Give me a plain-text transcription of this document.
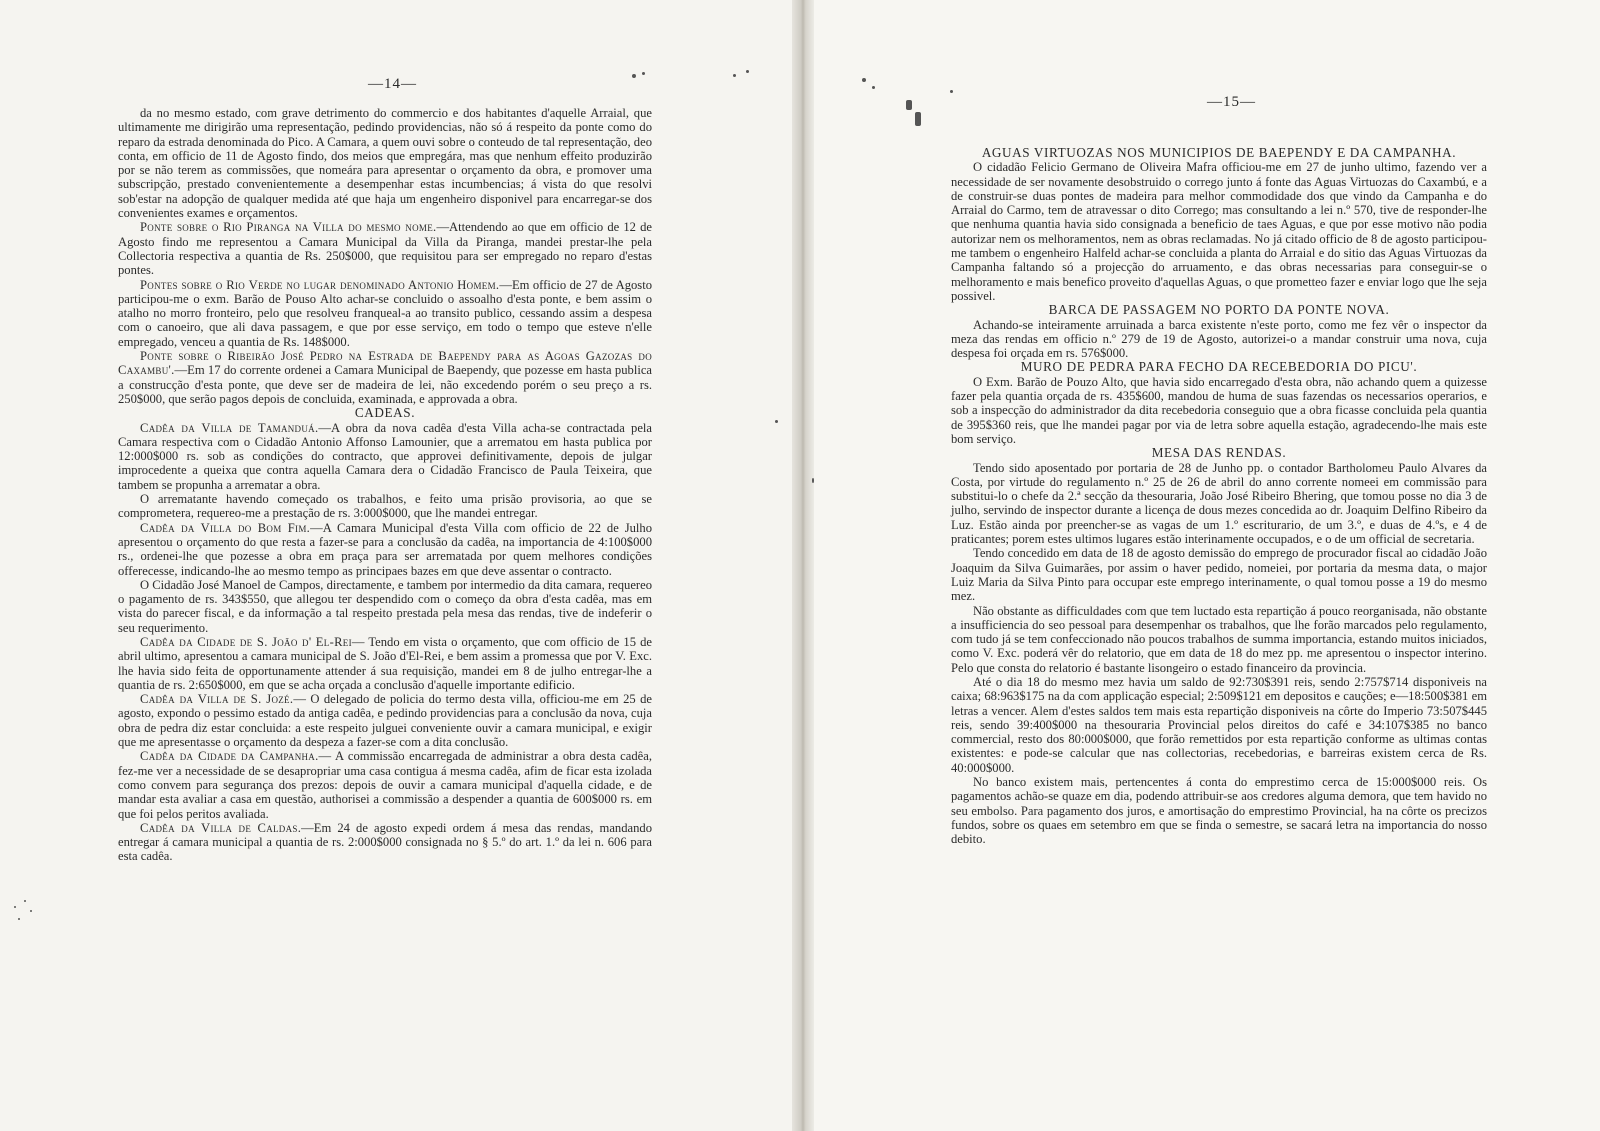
—14—

da no mesmo estado, com grave detrimento do commercio e dos habitantes d'aquelle Arraial, que ultimamente me dirigirão uma representação, pedindo providencias, não só á respeito da ponte como do reparo da estrada denominada do Pico. A Camara, a quem ouvi sobre o conteudo de tal representação, deo conta, em officio de 11 de Agosto findo, dos meios que empregára, mas que nenhum effeito produzirão por se não terem as commissões, que nomeára para apresentar o orçamento da obra, e promover uma subscripção, prestado convenientemente a desempenhar estas incumbencias; á vista do que resolvi sob'estar na adopção de qualquer medida até que haja um engenheiro disponivel para encarregar-se dos convenientes exames e orçamentos.

Ponte sobre o Rio Piranga na Villa do mesmo nome.—Attendendo ao que em officio de 12 de Agosto findo me representou a Camara Municipal da Villa da Piranga, mandei prestar-lhe pela Collectoria respectiva a quantia de Rs. 250$000, que requisitou para ser empregado no reparo d'estas pontes.

Pontes sobre o Rio Verde no lugar denominado Antonio Homem.—Em officio de 27 de Agosto participou-me o exm. Barão de Pouso Alto achar-se concluido o assoalho d'esta ponte, e bem assim o atalho no morro fronteiro, pelo que resolveu franqueal-a ao transito publico, cessando assim a despesa com o canoeiro, que ali dava passagem, e que por esse serviço, em todo o tempo que esteve n'elle empregado, venceu a quantia de Rs. 148$000.

Ponte sobre o Ribeirão José Pedro na Estrada de Baependy para as Agoas Gazozas do Caxambu'.—Em 17 do corrente ordenei a Camara Municipal de Baependy, que pozesse em hasta publica a construcção d'esta ponte, que deve ser de madeira de lei, não excedendo porém o seu preço a rs. 250$000, que serão pagos depois de concluida, examinada, e approvada a obra.

CADEAS.

Cadêa da Villa de Tamanduá.—A obra da nova cadêa d'esta Villa acha-se contractada pela Camara respectiva com o Cidadão Antonio Affonso Lamounier, que a arrematou em hasta publica por 12:000$000 rs. sob as condições do contracto, que approvei definitivamente, depois de julgar improcedente a queixa que contra aquella Camara dera o Cidadão Francisco de Paula Teixeira, que tambem se propunha a arrematar a obra.

O arrematante havendo começado os trabalhos, e feito uma prisão provisoria, ao que se comprometera, requereo-me a prestação de rs. 3:000$000, que lhe mandei entregar.

Cadêa da Villa do Bom Fim.—A Camara Municipal d'esta Villa com officio de 22 de Julho apresentou o orçamento do que resta a fazer-se para a conclusão da cadêa, na importancia de 4:100$000 rs., ordenei-lhe que pozesse a obra em praça para ser arrematada por quem melhores condições offerecesse, indicando-lhe ao mesmo tempo as principaes bazes em que deve assentar o contracto.

O Cidadão José Manoel de Campos, directamente, e tambem por intermedio da dita camara, requereo o pagamento de rs. 343$550, que allegou ter despendido com o começo da obra d'esta cadêa, mas em vista do parecer fiscal, e da informação a tal respeito prestada pela mesa das rendas, tive de indeferir o seu requerimento.

Cadêa da Cidade de S. João d' El-Rei— Tendo em vista o orçamento, que com officio de 15 de abril ultimo, apresentou a camara municipal de S. João d'El-Rei, e bem assim a promessa que por V. Exc. lhe havia sido feita de opportunamente attender á sua requisição, mandei em 8 de julho entregar-lhe a quantia de rs. 2:650$000, em que se acha orçada a conclusão d'aquelle importante edificio.

Cadêa da Villa de S. Jozé.— O delegado de policia do termo desta villa, officiou-me em 25 de agosto, expondo o pessimo estado da antiga cadêa, e pedindo providencias para a conclusão da nova, cuja obra de pedra diz estar concluida: a este respeito julguei conveniente ouvir a camara municipal, e exigir que me apresentasse o orçamento da despeza a fazer-se com a dita conclusão.

Cadêa da Cidade da Campanha.— A commissão encarregada de administrar a obra desta cadêa, fez-me ver a necessidade de se desapropriar uma casa contigua á mesma cadêa, afim de ficar esta izolada como convem para segurança dos prezos: depois de ouvir a camara municipal d'aquella cidade, e de mandar esta avaliar a casa em questão, authorisei a commissão a despender a quantia de 600$000 rs. em que foi pelos peritos avaliada.

Cadêa da Villa de Caldas.—Em 24 de agosto expedi ordem á mesa das rendas, mandando entregar á camara municipal a quantia de rs. 2:000$000 consignada no § 5.º do art. 1.º da lei n. 606 para esta cadêa.

—15—
AGUAS VIRTUOZAS NOS MUNICIPIOS DE BAEPENDY E DA CAMPANHA.

O cidadão Felicio Germano de Oliveira Mafra officiou-me em 27 de junho ultimo, fazendo ver a necessidade de ser novamente desobstruido o corrego junto á fonte das Aguas Virtuozas do Caxambú, e a de construir-se duas pontes de madeira para melhor commodidade dos que vindo da Campanha e do Arraial do Carmo, tem de atravessar o dito Corrego; mas consultando a lei n.º 570, tive de responder-lhe que nenhuma quantia havia sido consignada a beneficio de taes Aguas, e que por esse motivo não podia autorizar nem os melhoramentos, nem as obras reclamadas. No já citado officio de 8 de agosto participou-me tambem o engenheiro Halfeld achar-se concluida a planta do Arraial e do sitio das Aguas Virtuozas da Campanha faltando só a projecção do arruamento, e das obras necessarias para conseguir-se o melhoramento e mais benefico proveito d'aquellas Aguas, o que prometteo fazer e enviar logo que lhe seja possivel.

BARCA DE PASSAGEM NO PORTO DA PONTE NOVA.

Achando-se inteiramente arruinada a barca existente n'este porto, como me fez vêr o inspector da meza das rendas em officio n.º 279 de 19 de Agosto, autorizei-o a mandar construir uma nova, cuja despesa foi orçada em rs. 576$000.

MURO DE PEDRA PARA FECHO DA RECEBEDORIA DO PICU'.

O Exm. Barão de Pouzo Alto, que havia sido encarregado d'esta obra, não achando quem a quizesse fazer pela quantia orçada de rs. 435$600, mandou de huma de suas fazendas os necessarios operarios, e sob a inspecção do administrador da dita recebedoria conseguio que a obra ficasse concluida pela quantia de 395$360 reis, que lhe mandei pagar por via de letra sobre aquella estação, agradecendo-lhe mais este bom serviço.

MESA DAS RENDAS.

Tendo sido aposentado por portaria de 28 de Junho pp. o contador Bartholomeu Paulo Alvares da Costa, por virtude do regulamento n.º 25 de 26 de abril do anno corrente nomeei em commissão para substitui-lo o chefe da 2.ª secção da thesouraria, João José Ribeiro Bhering, que tomou posse no dia 3 de julho, servindo de inspector durante a licença de dous mezes concedida ao dr. Joaquim Delfino Ribeiro da Luz. Estão ainda por preencher-se as vagas de um 1.º escriturario, de um 3.º, e duas de 4.ºs, e 4 de praticantes; porem estes ultimos lugares estão interinamente occupados, e o de um official de secretaria.

Tendo concedido em data de 18 de agosto demissão do emprego de procurador fiscal ao cidadão João Joaquim da Silva Guimarães, por assim o haver pedido, nomeiei, por portaria da mesma data, o major Luiz Maria da Silva Pinto para occupar este emprego interinamente, o qual tomou posse a 19 do mesmo mez.

Não obstante as difficuldades com que tem luctado esta repartição á pouco reorganisada, não obstante a insufficiencia do seo pessoal para desempenhar os trabalhos, que lhe forão marcados pelo regulamento, com tudo já se tem confeccionado não poucos trabalhos de summa importancia, estando muitos iniciados, como V. Exc. poderá vêr do relatorio, que em data de 18 do mez pp. me apresentou o inspector interino. Pelo que consta do relatorio é bastante lisongeiro o estado financeiro da provincia.

Até o dia 18 do mesmo mez havia um saldo de 92:730$391 reis, sendo 2:757$714 disponiveis na caixa; 68:963$175 na da com applicação especial; 2:509$121 em depositos e cauções; e—18:500$381 em letras a vencer. Alem d'estes saldos tem mais esta repartição disponiveis na côrte do Imperio 73:507$445 reis, sendo 39:400$000 na thesouraria Provincial pelos direitos do café e 34:107$385 no banco commercial, resto dos 80:000$000, que forão remettidos por esta repartição conforme as ultimas contas existentes: e pode-se calcular que nas collectorias, recebedorias, e barreiras existem cerca de Rs. 40:000$000.

No banco existem mais, pertencentes á conta do emprestimo cerca de 15:000$000 reis. Os pagamentos achão-se quaze em dia, podendo attribuir-se aos credores alguma demora, que tem havido no seu embolso. Para pagamento dos juros, e amortisação do emprestimo Provincial, ha na côrte os precizos fundos, sobre os quaes em setembro em que se finda o semestre, se sacará letra na importancia do nosso debito.
